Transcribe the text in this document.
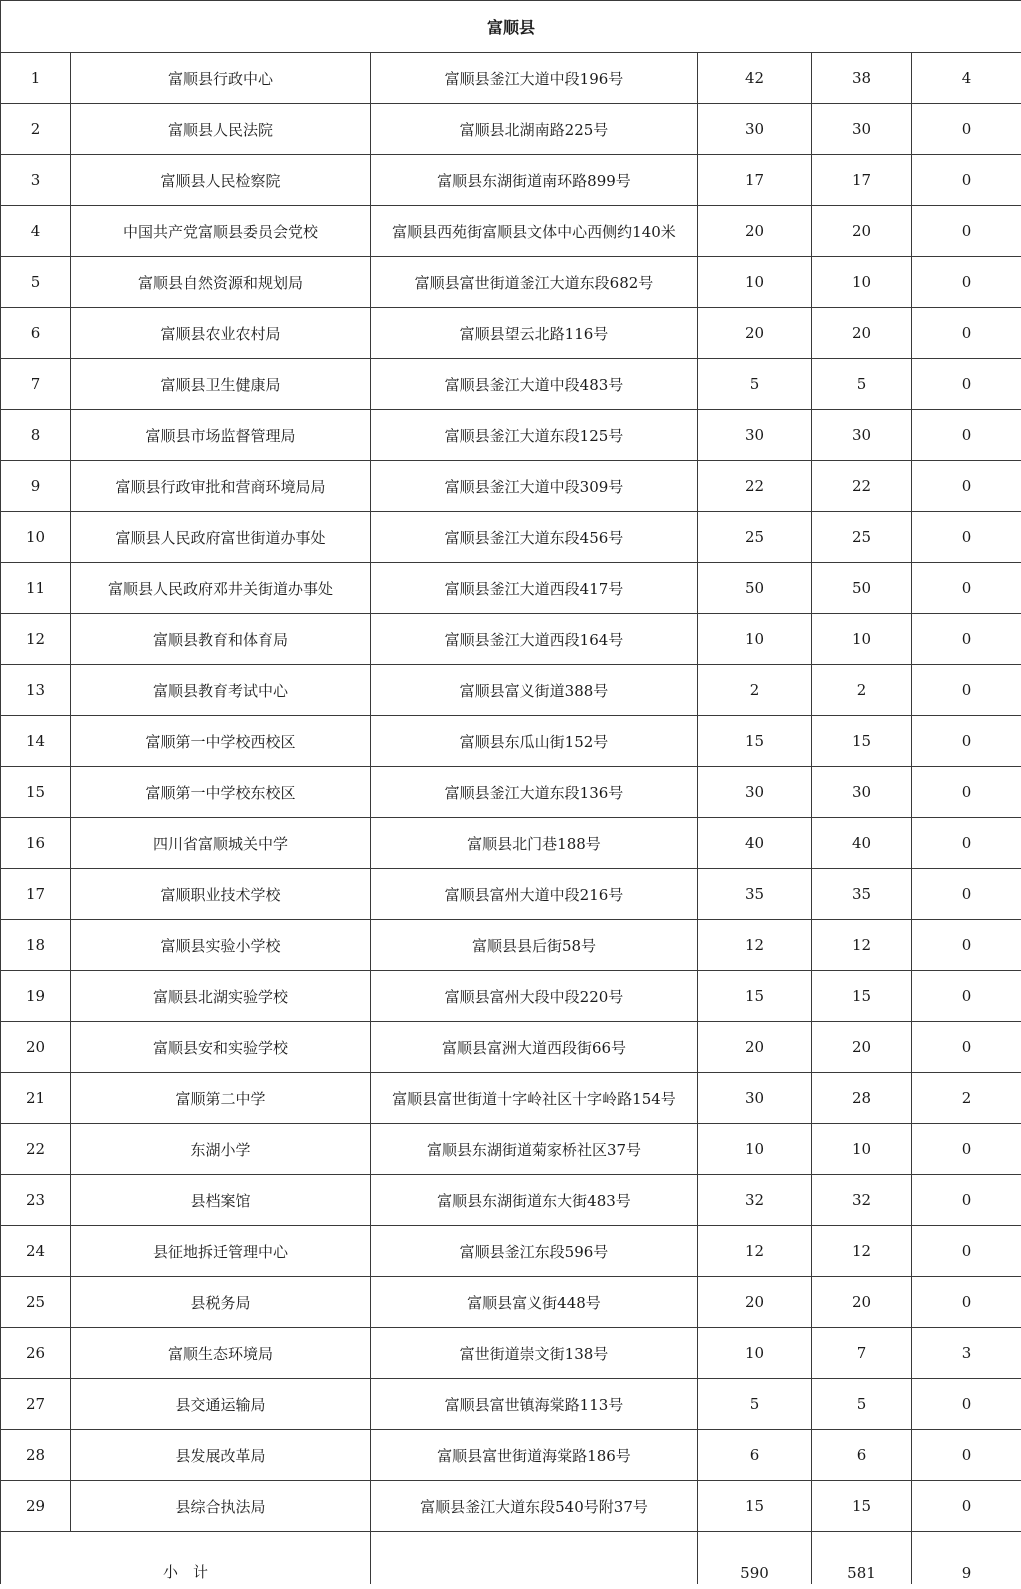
富顺县					
1	富顺县行政中心	富顺县釜江大道中段196号	42	38	4
2	富顺县人民法院	富顺县北湖南路225号	30	30	0
3	富顺县人民检察院	富顺县东湖街道南环路899号	17	17	0
4	中国共产党富顺县委员会党校	富顺县西苑街富顺县文体中心西侧约140米	20	20	0
5	富顺县自然资源和规划局	富顺县富世街道釜江大道东段682号	10	10	0
6	富顺县农业农村局	富顺县望云北路116号	20	20	0
7	富顺县卫生健康局	富顺县釜江大道中段483号	5	5	0
8	富顺县市场监督管理局	富顺县釜江大道东段125号	30	30	0
9	富顺县行政审批和营商环境局局	富顺县釜江大道中段309号	22	22	0
10	富顺县人民政府富世街道办事处	富顺县釜江大道东段456号	25	25	0
11	富顺县人民政府邓井关街道办事处	富顺县釜江大道西段417号	50	50	0
12	富顺县教育和体育局	富顺县釜江大道西段164号	10	10	0
13	富顺县教育考试中心	富顺县富义街道388号	2	2	0
14	富顺第一中学校西校区	富顺县东瓜山街152号	15	15	0
15	富顺第一中学校东校区	富顺县釜江大道东段136号	30	30	0
16	四川省富顺城关中学	富顺县北门巷188号	40	40	0
17	富顺职业技术学校	富顺县富州大道中段216号	35	35	0
18	富顺县实验小学校	富顺县县后街58号	12	12	0
19	富顺县北湖实验学校	富顺县富州大段中段220号	15	15	0
20	富顺县安和实验学校	富顺县富洲大道西段街66号	20	20	0
21	富顺第二中学	富顺县富世街道十字岭社区十字岭路154号	30	28	2
22	东湖小学	富顺县东湖街道菊家桥社区37号	10	10	0
23	县档案馆	富顺县东湖街道东大街483号	32	32	0
24	县征地拆迁管理中心	富顺县釜江东段596号	12	12	0
25	县税务局	富顺县富义街448号	20	20	0
26	富顺生态环境局	富世街道崇文街138号	10	7	3
27	县交通运输局	富顺县富世镇海棠路113号	5	5	0
28	县发展改革局	富顺县富世街道海棠路186号	6	6	0
29	县综合执法局	富顺县釜江大道东段540号附37号	15	15	0
小　计			590	581	9
